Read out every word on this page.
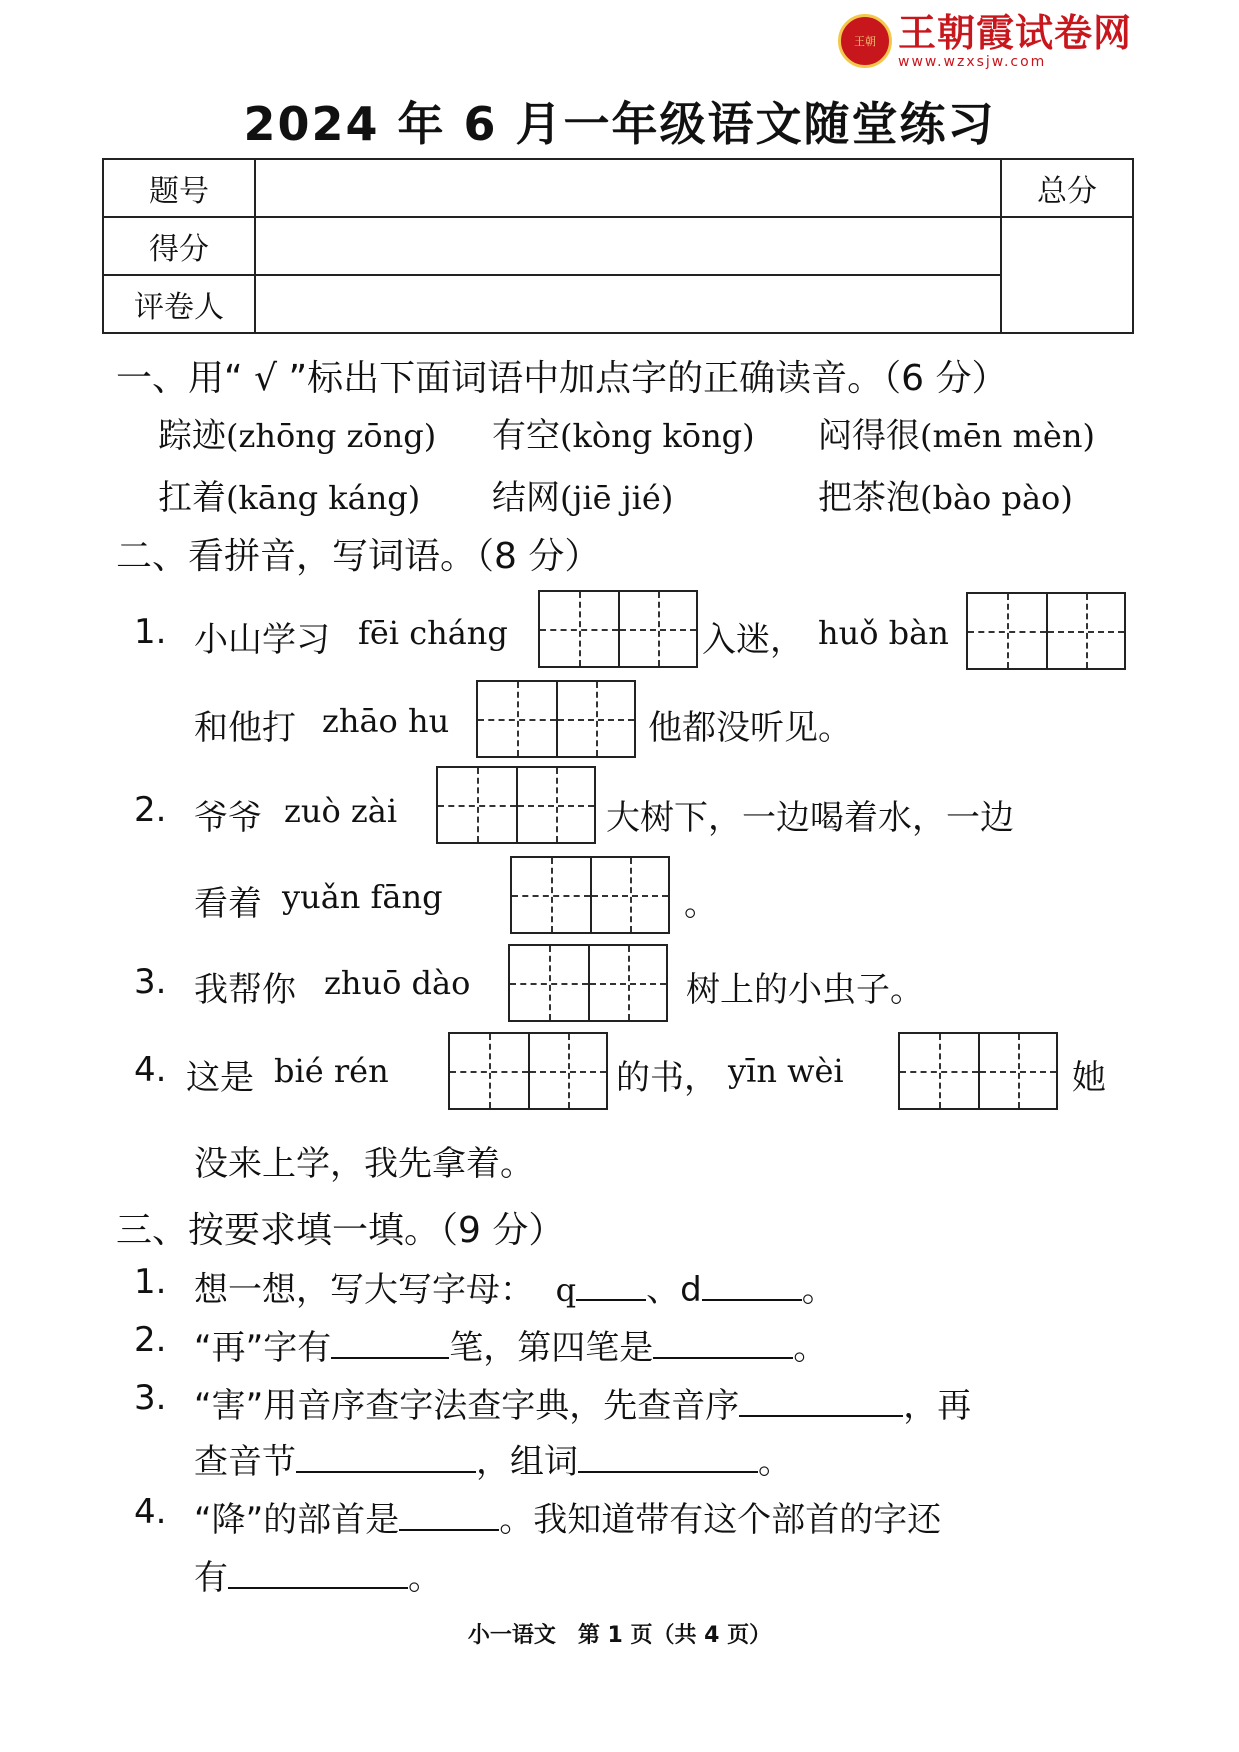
王朝 王朝霞试卷网
www.wzxsjw.com
2024 年 6 月一年级语文随堂练习
题号		总分
得分		
评卷人		
一、用“ √ ”标出下面词语中加点字的正确读音。（6 分）
踪迹(zhōng zōng) 有空(kòng kōng) 闷得很(mēn mèn)
扛着(kāng káng) 结网(jiē jié)	把茶泡(bào pào)
二、看拼音，写词语。（8 分）
1. 小山学习 fēi cháng	入迷， huǒ bàn
和他打 zhāo hu	他都没听见。
2. 爷爷 zuò zài	大树下，一边喝着水，一边
看着 yuǎn fāng	。
3. 我帮你 zhuō dào	树上的小虫子。
4. 这是 bié rén	的书， yīn wèi	她
没来上学，我先拿着。
三、按要求填一填。（9 分）
1. 想一想，写大写字母： q 、d	。
2. “再”字有	笔，第四笔是	。
3. “害”用音序查字法查字典，先查音序	，再
查音节	，组词	。
4. “降”的部首是	。我知道带有这个部首的字还
有	。
小一语文　第 1 页（共 4 页）
